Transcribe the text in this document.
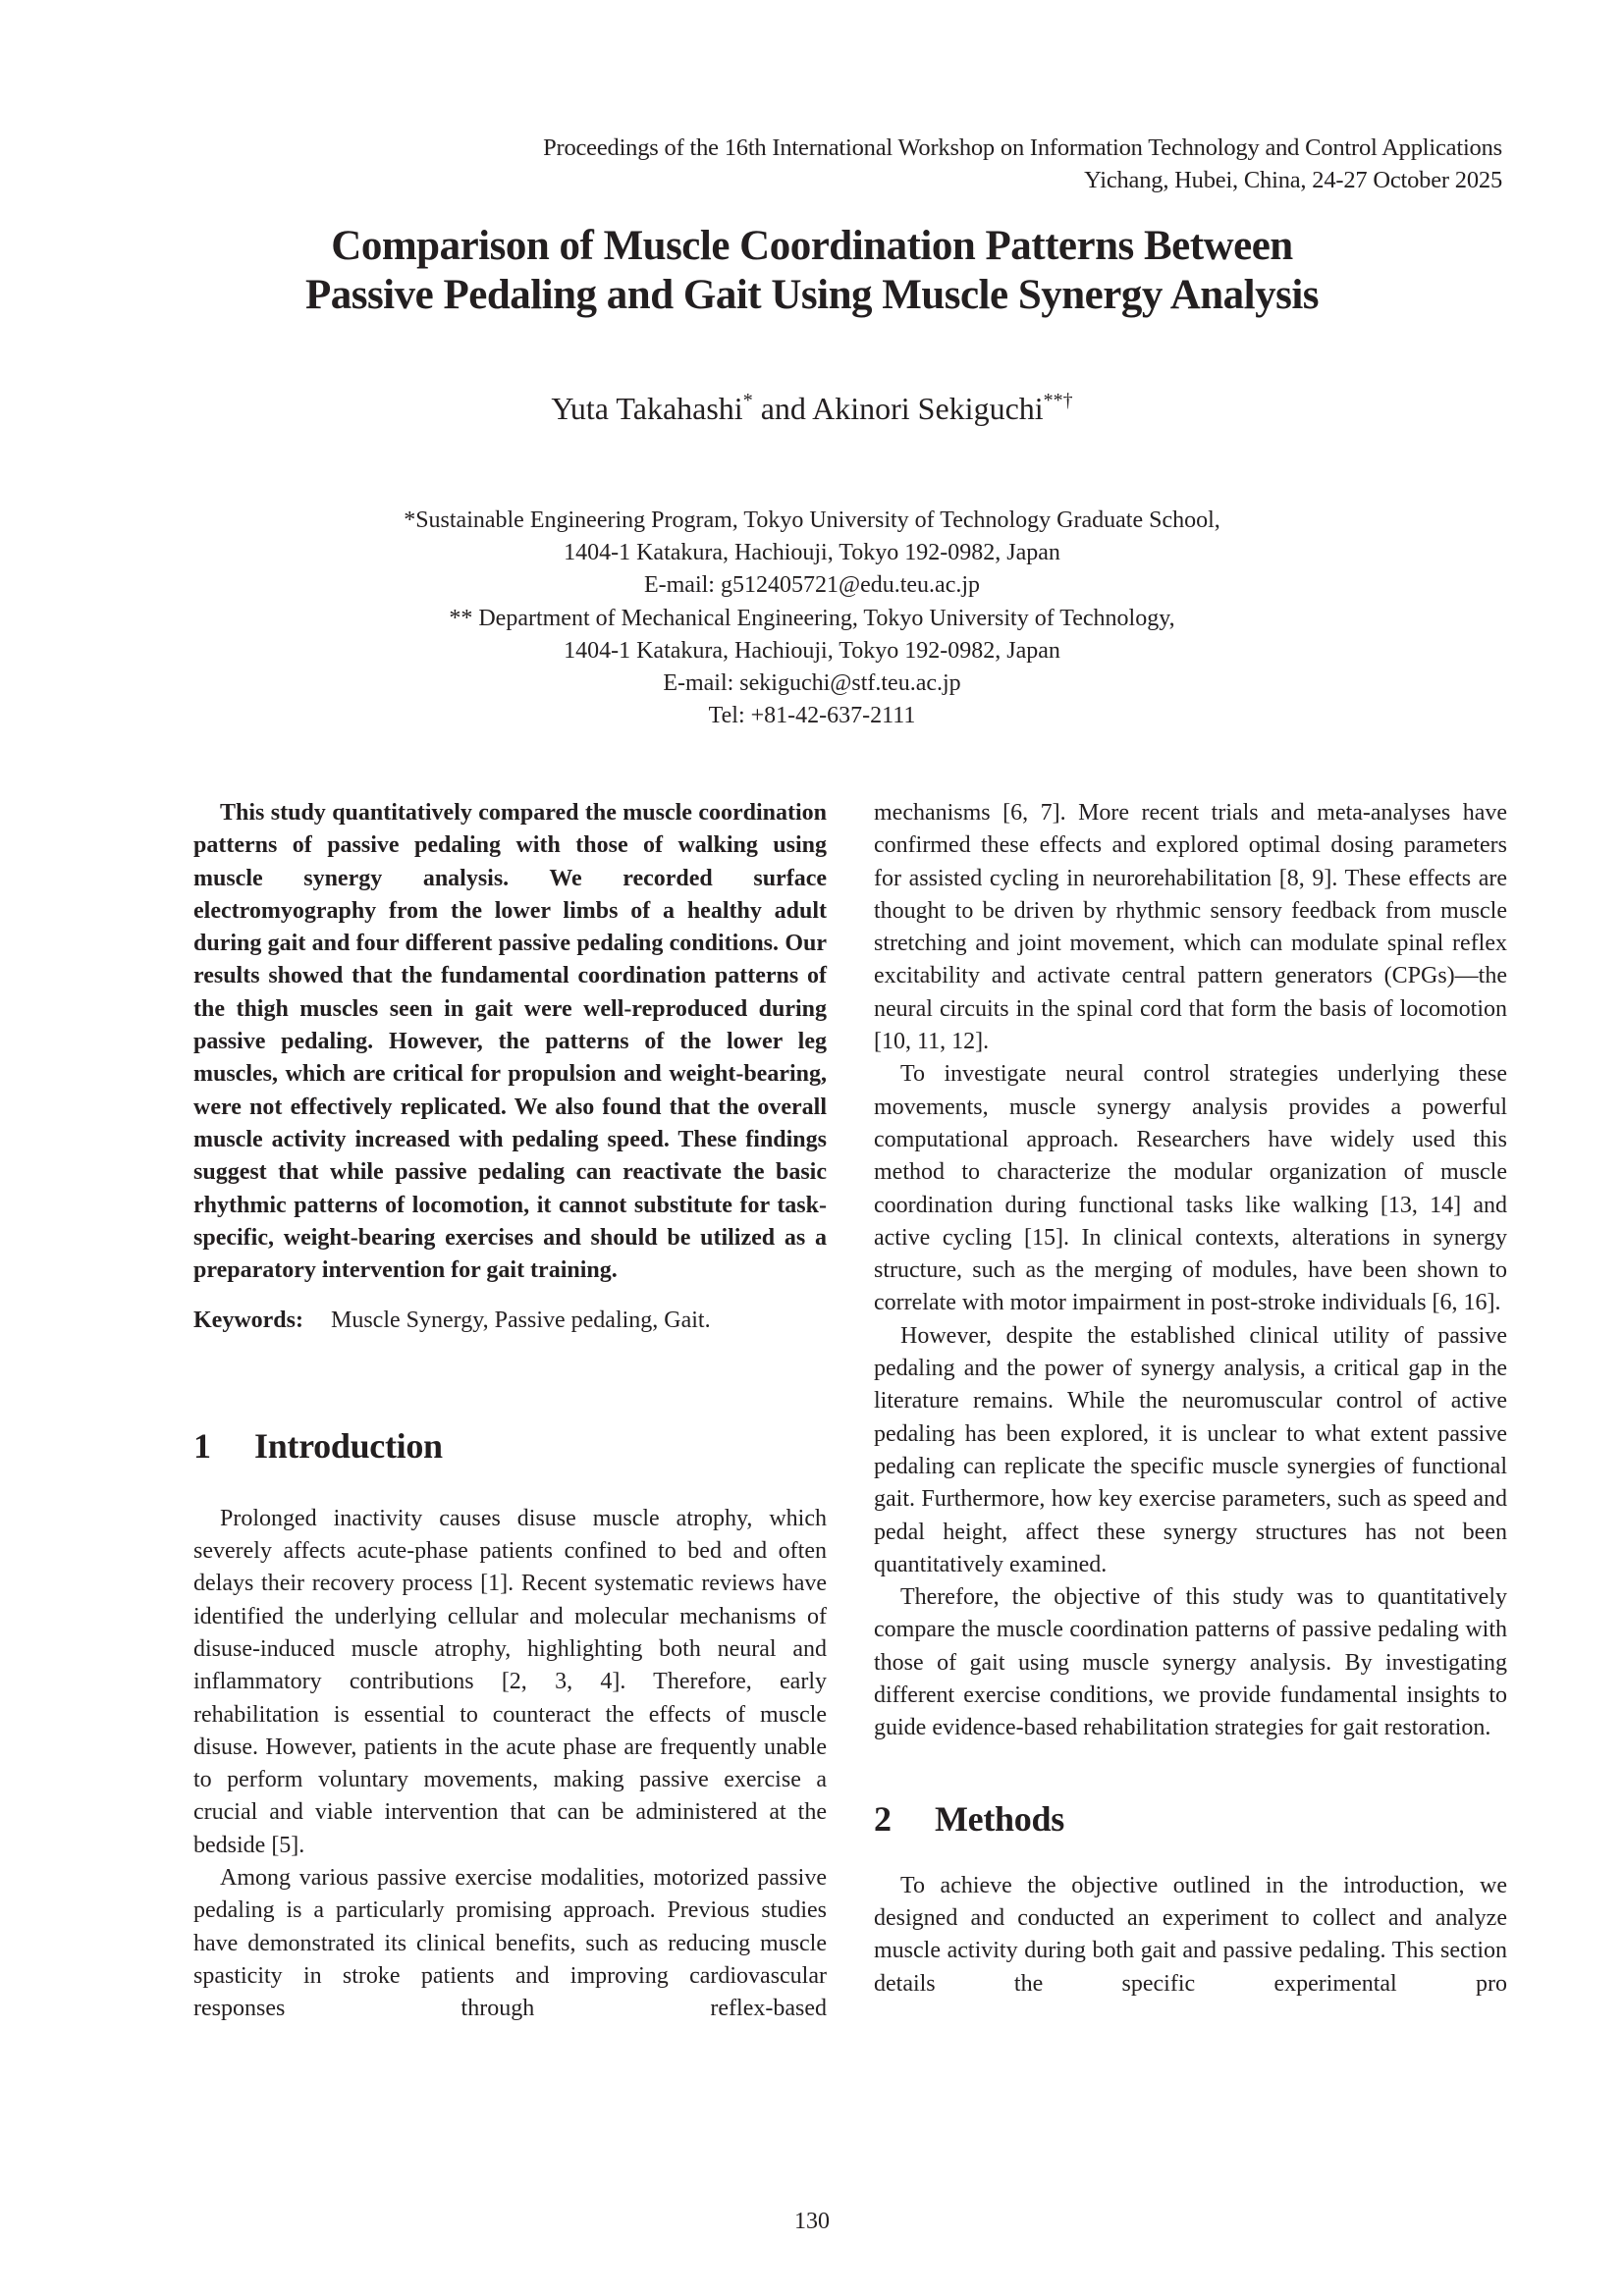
Proceedings of the 16th International Workshop on Information Technology and Control Applications
Yichang, Hubei, China, 24-27 October 2025
Comparison of Muscle Coordination Patterns Between
Passive Pedaling and Gait Using Muscle Synergy Analysis
Yuta Takahashi* and Akinori Sekiguchi**†
*Sustainable Engineering Program, Tokyo University of Technology Graduate School,
1404-1 Katakura, Hachiouji, Tokyo 192-0982, Japan
E-mail: g512405721@edu.teu.ac.jp
** Department of Mechanical Engineering, Tokyo University of Technology,
1404-1 Katakura, Hachiouji, Tokyo 192-0982, Japan
E-mail: sekiguchi@stf.teu.ac.jp
Tel: +81-42-637-2111

This study quantitatively compared the muscle coordination patterns of passive pedaling with those of walking using muscle synergy analysis. We recorded surface electromyography from the lower limbs of a healthy adult during gait and four different passive pedaling conditions. Our results showed that the fundamental coordination patterns of the thigh muscles seen in gait were well-reproduced during passive pedaling. However, the patterns of the lower leg muscles, which are critical for propulsion and weight-bearing, were not effectively replicated. We also found that the overall muscle activity increased with pedaling speed. These findings suggest that while passive pedaling can reactivate the basic rhythmic patterns of locomotion, it cannot substitute for task-specific, weight-bearing exercises and should be utilized as a preparatory intervention for gait training.

Keywords: Muscle Synergy, Passive pedaling, Gait.

1 Introduction

Prolonged inactivity causes disuse muscle atrophy, which severely affects acute-phase patients confined to bed and often delays their recovery process [1]. Recent systematic reviews have identified the underlying cellular and molecular mechanisms of disuse-induced muscle atrophy, highlighting both neural and inflammatory contributions [2, 3, 4]. Therefore, early rehabilitation is essential to counteract the effects of muscle disuse. However, patients in the acute phase are frequently unable to perform voluntary movements, making passive exercise a crucial and viable intervention that can be administered at the bedside [5].

Among various passive exercise modalities, motorized passive pedaling is a particularly promising approach. Previous studies have demonstrated its clinical benefits, such as reducing muscle spasticity in stroke patients and improving cardiovascular responses through reflex-based

mechanisms [6, 7]. More recent trials and meta-analyses have confirmed these effects and explored optimal dosing parameters for assisted cycling in neurorehabilitation [8, 9]. These effects are thought to be driven by rhythmic sensory feedback from muscle stretching and joint movement, which can modulate spinal reflex excitability and activate central pattern generators (CPGs)—the neural circuits in the spinal cord that form the basis of locomotion [10, 11, 12].

To investigate neural control strategies underlying these movements, muscle synergy analysis provides a powerful computational approach. Researchers have widely used this method to characterize the modular organization of muscle coordination during functional tasks like walking [13, 14] and active cycling [15]. In clinical contexts, alterations in synergy structure, such as the merging of modules, have been shown to correlate with motor impairment in post-stroke individuals [6, 16].

However, despite the established clinical utility of passive pedaling and the power of synergy analysis, a critical gap in the literature remains. While the neuromuscular control of active pedaling has been explored, it is unclear to what extent passive pedaling can replicate the specific muscle synergies of functional gait. Furthermore, how key exercise parameters, such as speed and pedal height, affect these synergy structures has not been quantitatively examined.

Therefore, the objective of this study was to quantitatively compare the muscle coordination patterns of passive pedaling with those of gait using muscle synergy analysis. By investigating different exercise conditions, we provide fundamental insights to guide evidence-based rehabilitation strategies for gait restoration.

2 Methods

To achieve the objective outlined in the introduction, we designed and conducted an experiment to collect and analyze muscle activity during both gait and passive pedaling. This section details the specific experimental pro

130
